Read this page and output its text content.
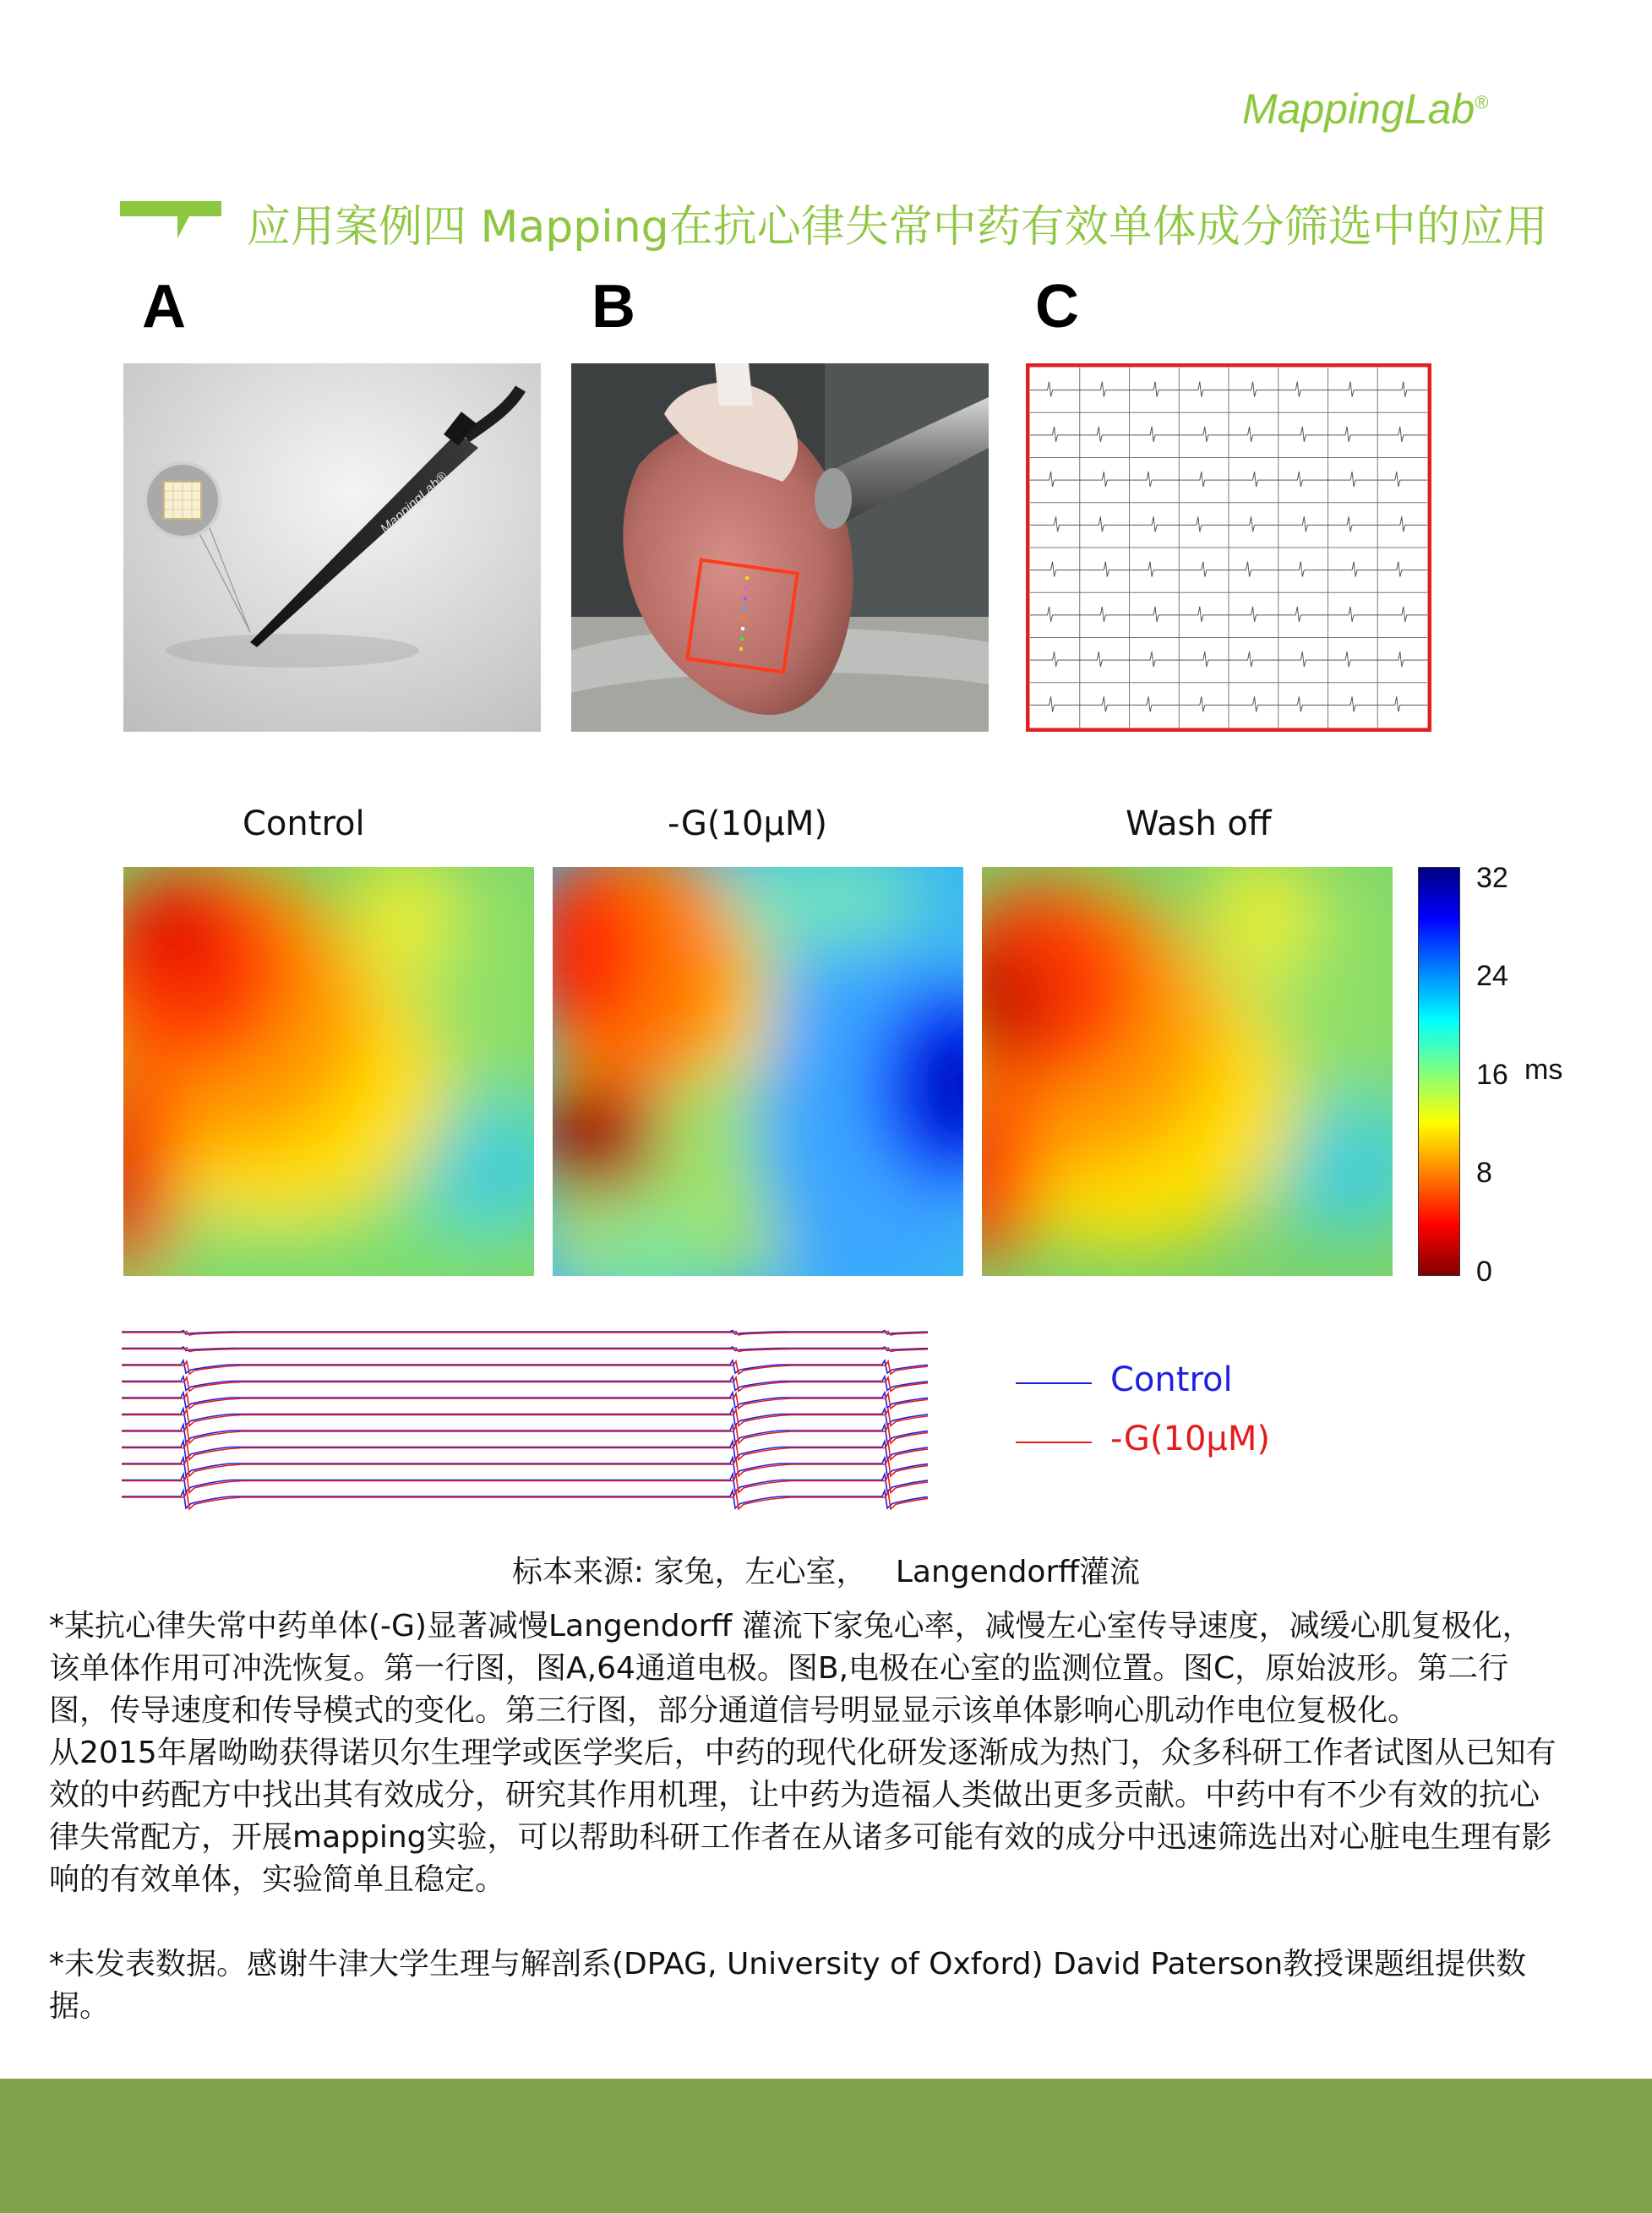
MappingLab®
应用案例四 Mapping在抗心律失常中药有效单体成分筛选中的应用
A	B	C
MappingLab®
Control	-G(10μM)	Wash off
32
24
16
8
0
ms
Control
-G(10μM)
标本来源: 家兔，左心室，   Langendorff灌流

*某抗心律失常中药单体(-G)显著减慢Langendorff 灌流下家兔心率，减慢左心室传导速度，减缓心肌复极化，该单体作用可冲洗恢复。第一行图，图A,64通道电极。图B,电极在心室的监测位置。图C，原始波形。第二行图，传导速度和传导模式的变化。第三行图，部分通道信号明显显示该单体影响心肌动作电位复极化。

从2015年屠呦呦获得诺贝尔生理学或医学奖后，中药的现代化研发逐渐成为热门，众多科研工作者试图从已知有效的中药配方中找出其有效成分，研究其作用机理，让中药为造福人类做出更多贡献。中药中有不少有效的抗心律失常配方，开展mapping实验，可以帮助科研工作者在从诸多可能有效的成分中迅速筛选出对心脏电生理有影响的有效单体，实验简单且稳定。

*未发表数据。感谢牛津大学生理与解剖系(DPAG, University of Oxford) David Paterson教授课题组提供数据。
